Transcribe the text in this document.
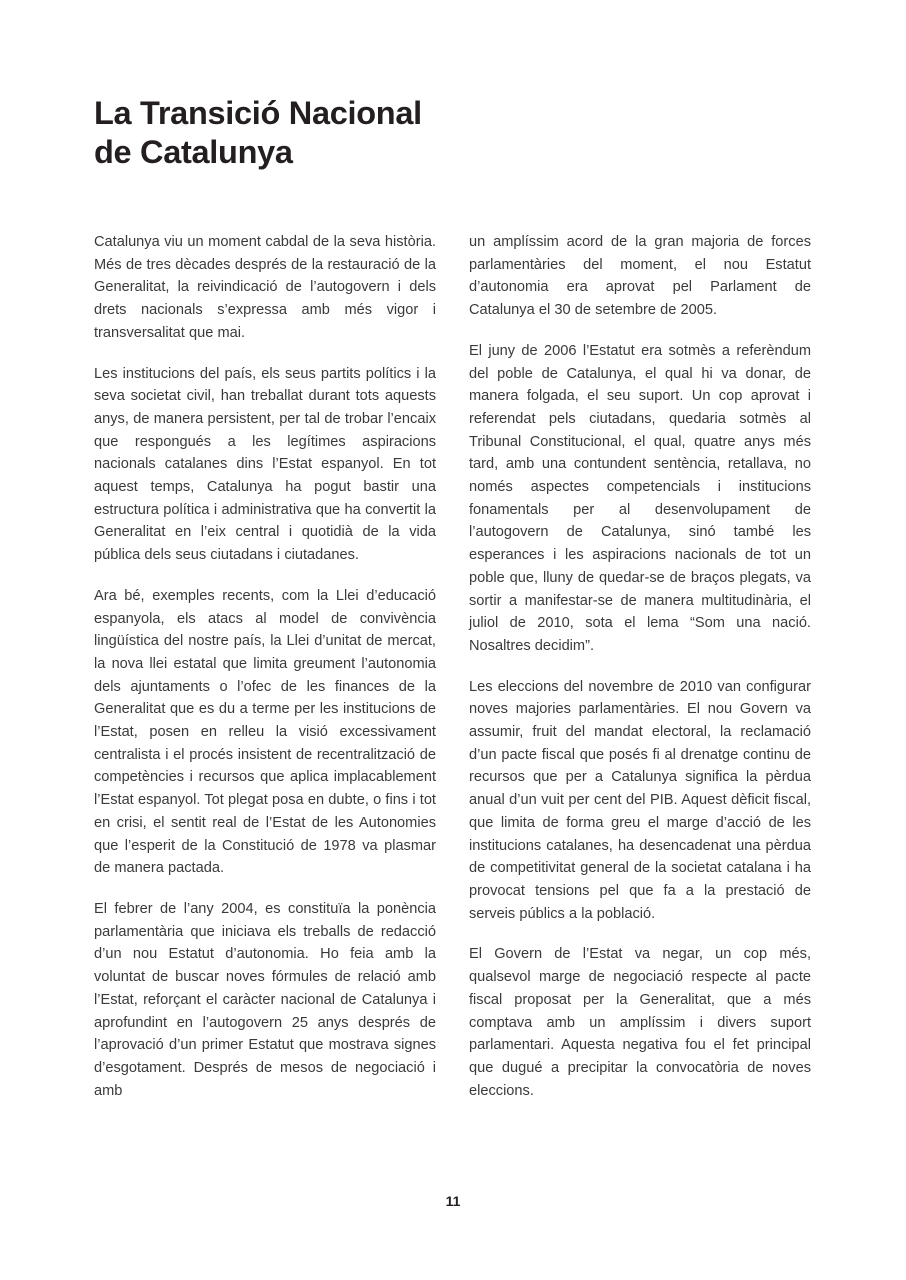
La Transició Nacional
de Catalunya

Catalunya viu un moment cabdal de la seva història. Més de tres dècades després de la restauració de la Generalitat, la reivindicació de l’autogovern i dels drets nacionals s’expressa amb més vigor i transversalitat que mai.

Les institucions del país, els seus partits polítics i la seva societat civil, han treballat durant tots aquests anys, de manera persistent, per tal de trobar l’encaix que respongués a les legítimes aspiracions nacionals catalanes dins l’Estat espanyol. En tot aquest temps, Catalunya ha pogut bastir una estructura política i administrativa que ha convertit la Generalitat en l’eix central i quotidià de la vida pública dels seus ciutadans i ciutadanes.

Ara bé, exemples recents, com la Llei d’educació espanyola, els atacs al model de convivència lingüística del nostre país, la Llei d’unitat de mercat, la nova llei estatal que limita greument l’autonomia dels ajuntaments o l’ofec de les finances de la Generalitat que es du a terme per les institucions de l’Estat, posen en relleu la visió excessivament centralista i el procés insistent de recentralització de competències i recursos que aplica implacablement l’Estat espanyol. Tot plegat posa en dubte, o fins i tot en crisi, el sentit real de l’Estat de les Autonomies que l’esperit de la Constitució de 1978 va plasmar de manera pactada.

El febrer de l’any 2004, es constituïa la ponència parlamentària que iniciava els treballs de redacció d’un nou Estatut d’autonomia. Ho feia amb la voluntat de buscar noves fórmules de relació amb l’Estat, reforçant el caràcter nacional de Catalunya i aprofundint en l’autogovern 25 anys després de l’aprovació d’un primer Estatut que mostrava signes d’esgotament. Després de mesos de negociació i amb

un amplíssim acord de la gran majoria de forces parlamentàries del moment, el nou Estatut d’autonomia era aprovat pel Parlament de Catalunya el 30 de setembre de 2005.

El juny de 2006 l’Estatut era sotmès a referèndum del poble de Catalunya, el qual hi va donar, de manera folgada, el seu suport. Un cop aprovat i referendat pels ciutadans, quedaria sotmès al Tribunal Constitucional, el qual, quatre anys més tard, amb una contundent sentència, retallava, no només aspectes competencials i institucions fonamentals per al desenvolupament de l’autogovern de Catalunya, sinó també les esperances i les aspiracions nacionals de tot un poble que, lluny de quedar-se de braços plegats, va sortir a manifestar-se de manera multitudinària, el juliol de 2010, sota el lema “Som una nació. Nosaltres decidim”.

Les eleccions del novembre de 2010 van configurar noves majories parlamentàries. El nou Govern va assumir, fruit del mandat electoral, la reclamació d’un pacte fiscal que posés fi al drenatge continu de recursos que per a Catalunya significa la pèrdua anual d’un vuit per cent del PIB. Aquest dèficit fiscal, que limita de forma greu el marge d’acció de les institucions catalanes, ha desencadenat una pèrdua de competitivitat general de la societat catalana i ha provocat tensions pel que fa a la prestació de serveis públics a la població.

El Govern de l’Estat va negar, un cop més, qualsevol marge de negociació respecte al pacte fiscal proposat per la Generalitat, que a més comptava amb un amplíssim i divers suport parlamentari. Aquesta negativa fou el fet principal que dugué a precipitar la convocatòria de noves eleccions.

11
